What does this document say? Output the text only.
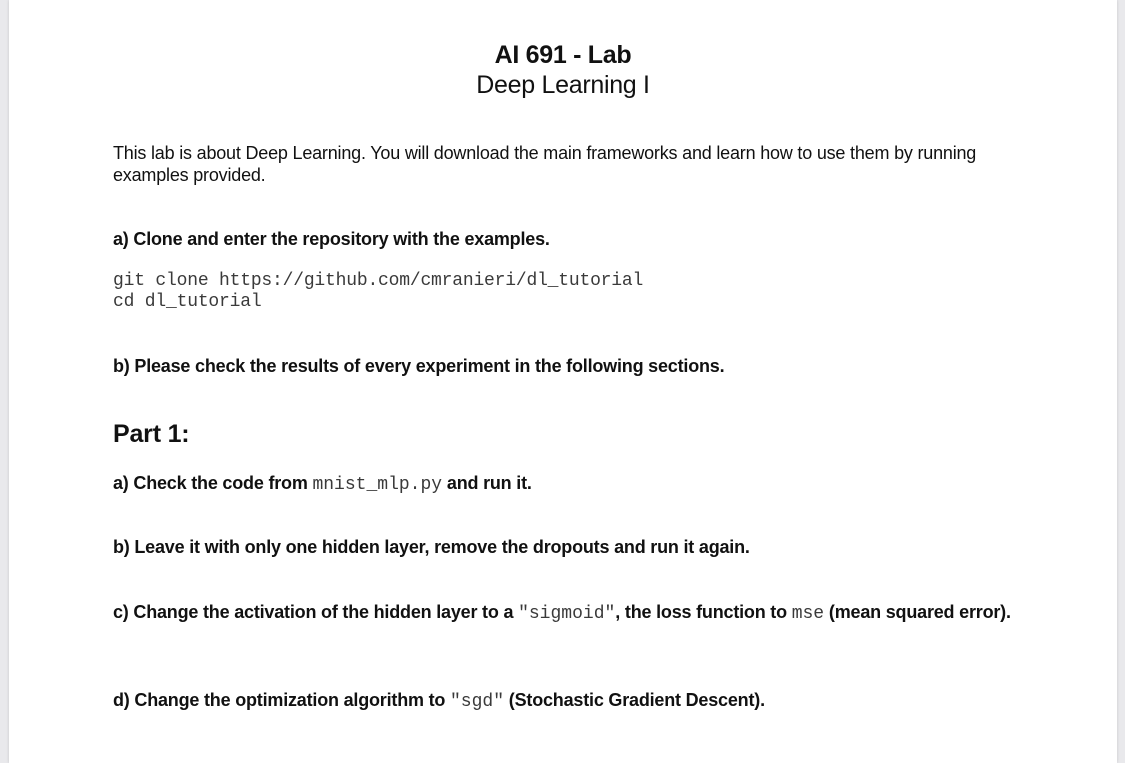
AI 691 - Lab
Deep Learning I
This lab is about Deep Learning. You will download the main frameworks and learn how to use them by running examples provided.
a) Clone and enter the repository with the examples.
git clone https://github.com/cmranieri/dl_tutorial
cd dl_tutorial
b) Please check the results of every experiment in the following sections.
Part 1:
a) Check the code from mnist_mlp.py and run it.
b) Leave it with only one hidden layer, remove the dropouts and run it again.
c) Change the activation of the hidden layer to a "sigmoid", the loss function to mse (mean squared error).
d) Change the optimization algorithm to "sgd" (Stochastic Gradient Descent).
